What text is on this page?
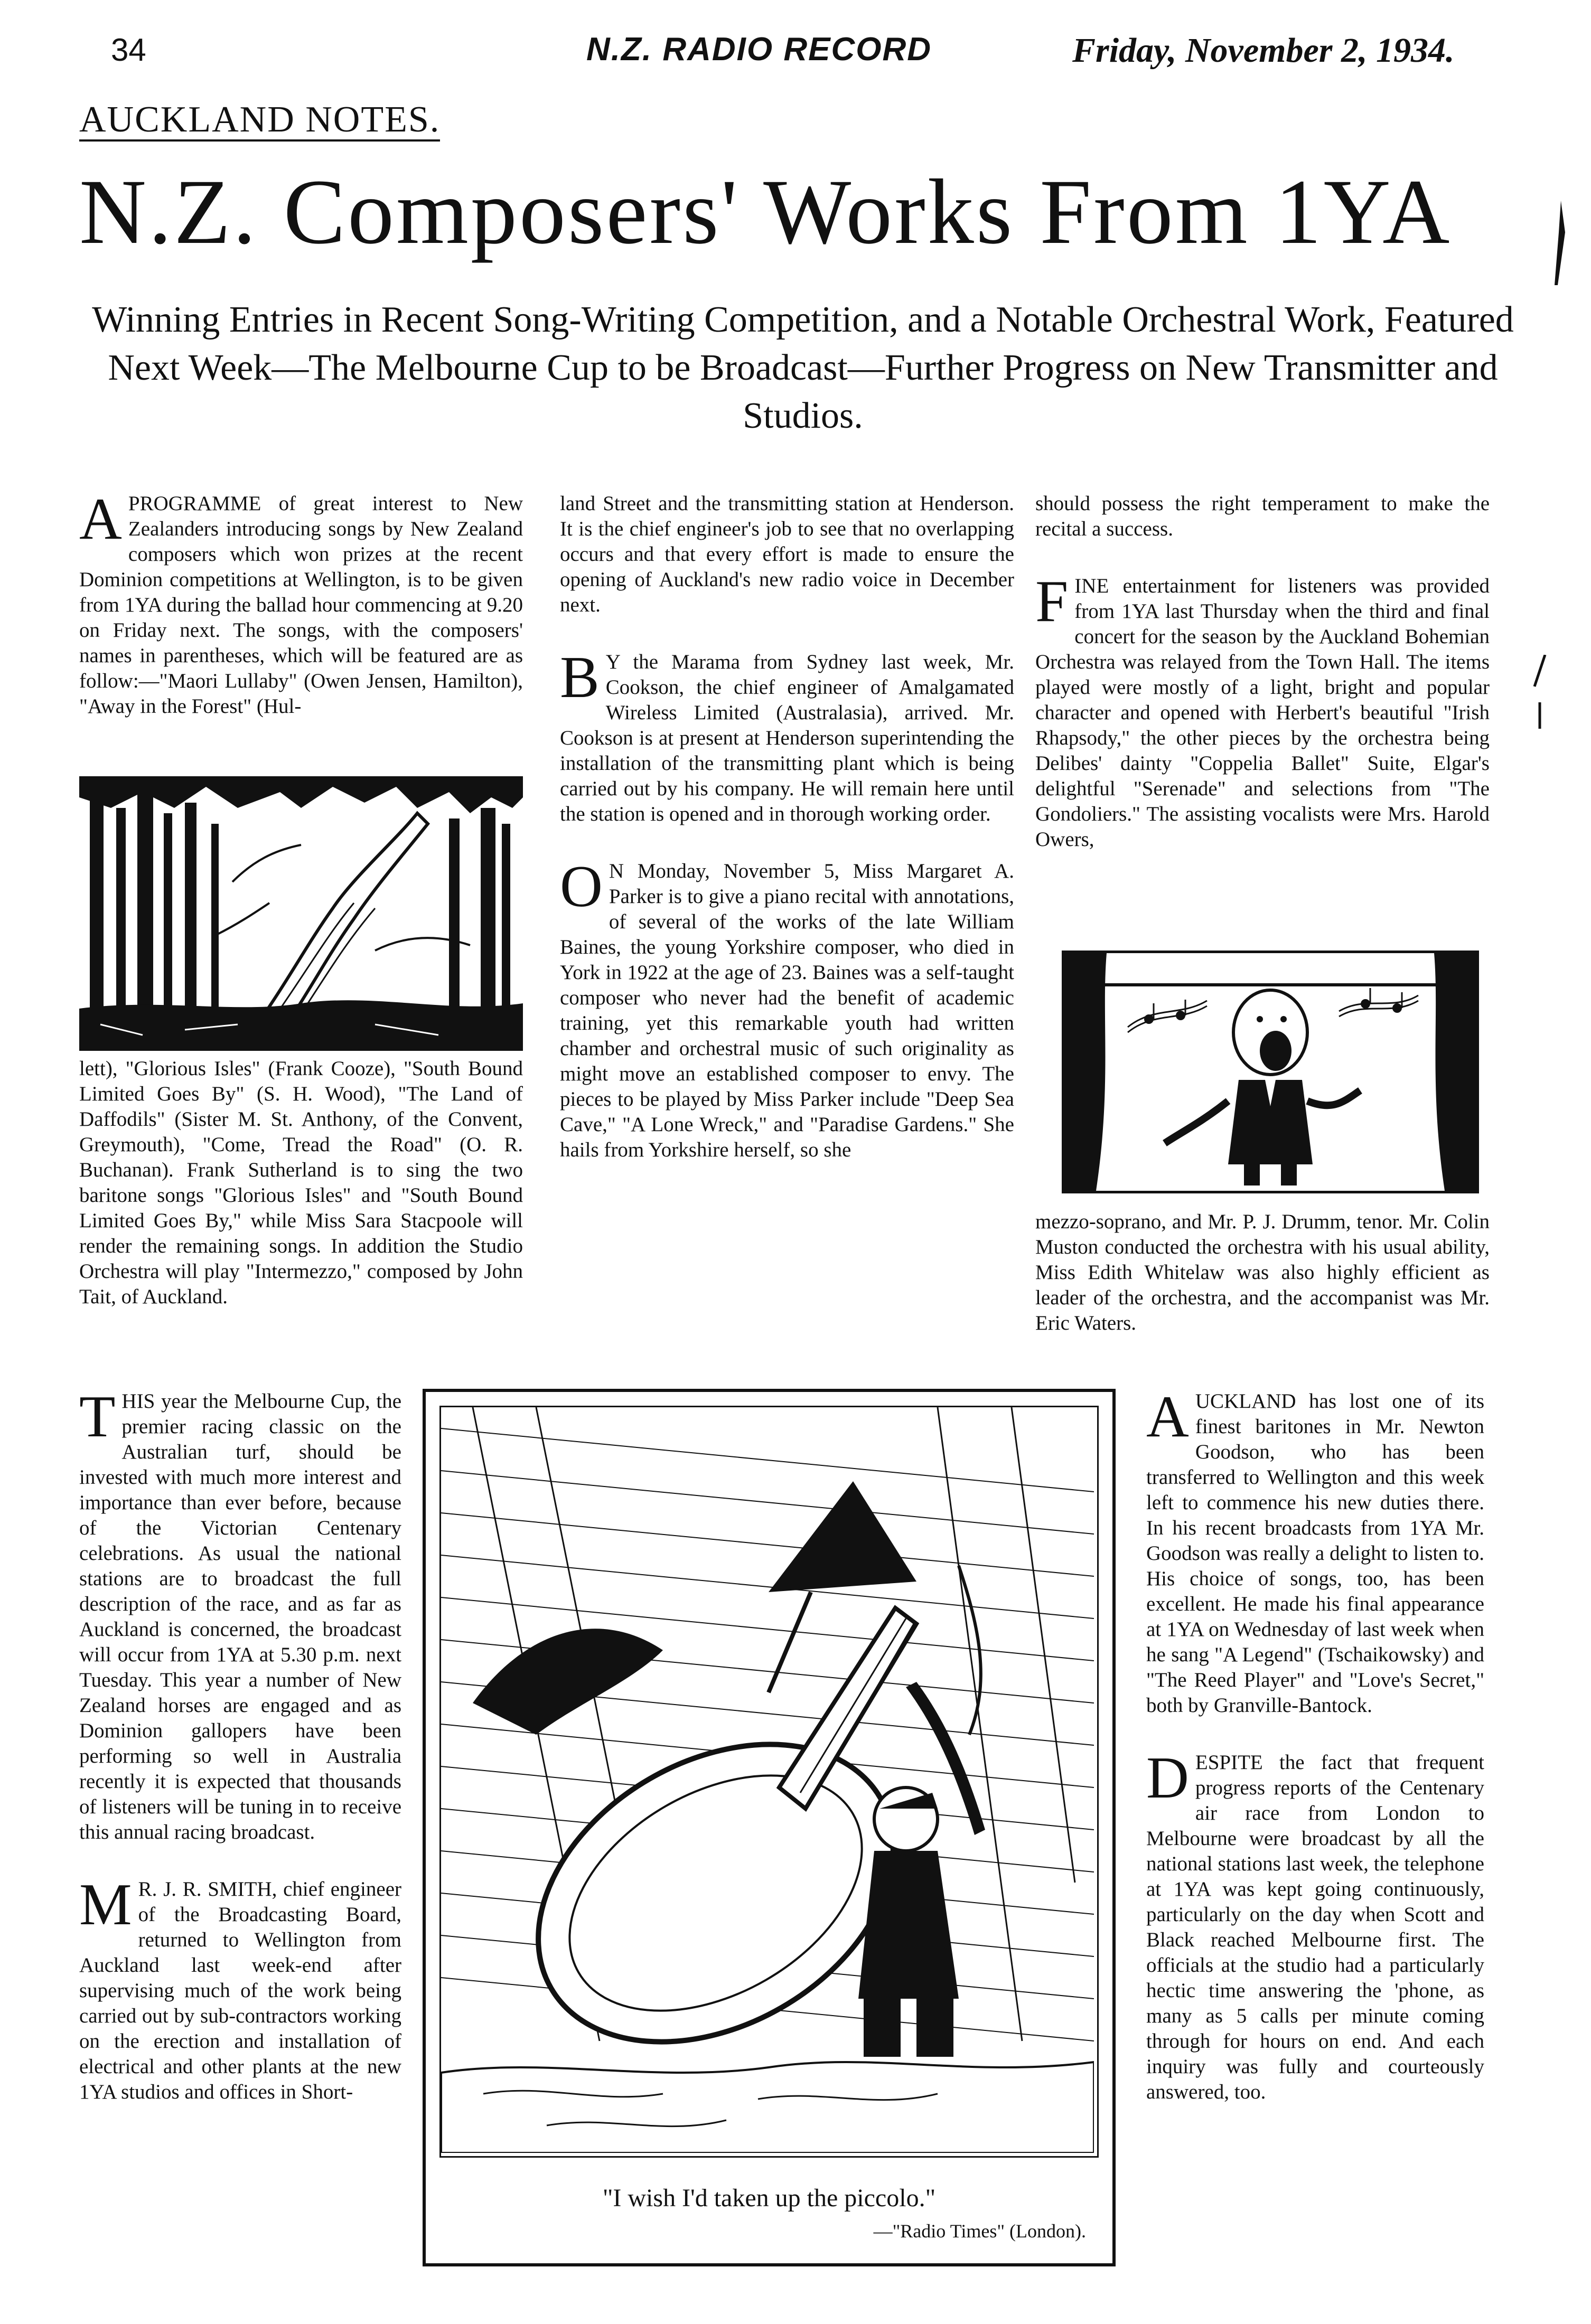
34	N.Z. RADIO RECORD	Friday, November 2, 1934.
AUCKLAND NOTES.
N.Z. Composers' Works From 1YA
Winning Entries in Recent Song-Writing Competition, and a Notable Orchestral Work, Featured Next Week—The Melbourne Cup to be Broadcast—Further Progress on New Transmitter and Studios.

APROGRAMME of great interest to New Zealanders introducing songs by New Zealand composers which won prizes at the recent Dominion competitions at Wellington, is to be given from 1YA during the ballad hour commencing at 9.20 on Friday next. The songs, with the composers' names in parentheses, which will be featured are as follow:—"Maori Lullaby" (Owen Jensen, Hamilton), "Away in the Forest" (Hul-

lett), "Glorious Isles" (Frank Cooze), "South Bound Limited Goes By" (S. H. Wood), "The Land of Daffodils" (Sister M. St. Anthony, of the Convent, Greymouth), "Come, Tread the Road" (O. R. Buchanan). Frank Sutherland is to sing the two baritone songs "Glorious Isles" and "South Bound Limited Goes By," while Miss Sara Stacpoole will render the remaining songs. In addition the Studio Orchestra will play "Intermezzo," composed by John Tait, of Auckland.

THIS year the Melbourne Cup, the premier racing classic on the Australian turf, should be invested with much more interest and importance than ever before, because of the Victorian Centenary celebrations. As usual the national stations are to broadcast the full description of the race, and as far as Auckland is concerned, the broadcast will occur from 1YA at 5.30 p.m. next Tuesday. This year a number of New Zealand horses are engaged and as Dominion gallopers have been performing so well in Australia recently it is expected that thousands of listeners will be tuning in to receive this annual racing broadcast.

M R. J. R. SMITH, chief engineer of the Broadcasting Board, returned to Wellington from Auckland last week-end after supervising much of the work being carried out by sub-contractors working on the erection and installation of electrical and other plants at the new 1YA studios and offices in Short-

land Street and the transmitting station at Henderson. It is the chief engineer's job to see that no overlapping occurs and that every effort is made to ensure the opening of Auckland's new radio voice in December next.

B Y the Marama from Sydney last week, Mr. Cookson, the chief engineer of Amalgamated Wireless Limited (Australasia), arrived. Mr. Cookson is at present at Henderson superintending the installation of the transmitting plant which is being carried out by his company. He will remain here until the station is opened and in thorough working order.

O N Monday, November 5, Miss Margaret A. Parker is to give a piano recital with annotations, of several of the works of the late William Baines, the young Yorkshire composer, who died in York in 1922 at the age of 23. Baines was a self-taught composer who never had the benefit of academic training, yet this remarkable youth had written chamber and orchestral music of such originality as might move an established composer to envy. The pieces to be played by Miss Parker include "Deep Sea Cave," "A Lone Wreck," and "Paradise Gardens." She hails from Yorkshire herself, so she

should possess the right temperament to make the recital a success.

FINE entertainment for listeners was provided from 1YA last Thursday when the third and final concert for the season by the Auckland Bohemian Orchestra was relayed from the Town Hall. The items played were mostly of a light, bright and popular character and opened with Herbert's beautiful "Irish Rhapsody," the other pieces by the orchestra being Delibes' dainty "Coppelia Ballet" Suite, Elgar's delightful "Serenade" and selections from "The Gondoliers." The assisting vocalists were Mrs. Harold Owers,

mezzo-soprano, and Mr. P. J. Drumm, tenor. Mr. Colin Muston conducted the orchestra with his usual ability, Miss Edith Whitelaw was also highly efficient as leader of the orchestra, and the accompanist was Mr. Eric Waters.

AUCKLAND has lost one of its finest baritones in Mr. Newton Goodson, who has been transferred to Wellington and this week left to commence his new duties there. In his recent broadcasts from 1YA Mr. Goodson was really a delight to listen to. His choice of songs, too, has been excellent. He made his final appearance at 1YA on Wednesday of last week when he sang "A Legend" (Tschaikowsky) and "The Reed Player" and "Love's Secret," both by Granville-Bantock.

DESPITE the fact that frequent progress reports of the Centenary air race from London to Melbourne were broadcast by all the national stations last week, the telephone at 1YA was kept going continuously, particularly on the day when Scott and Black reached Melbourne first. The officials at the studio had a particularly hectic time answering the 'phone, as many as 5 calls per minute coming through for hours on end. And each inquiry was fully and courteously answered, too.

"I wish I'd taken up the piccolo."
—"Radio Times" (London).
